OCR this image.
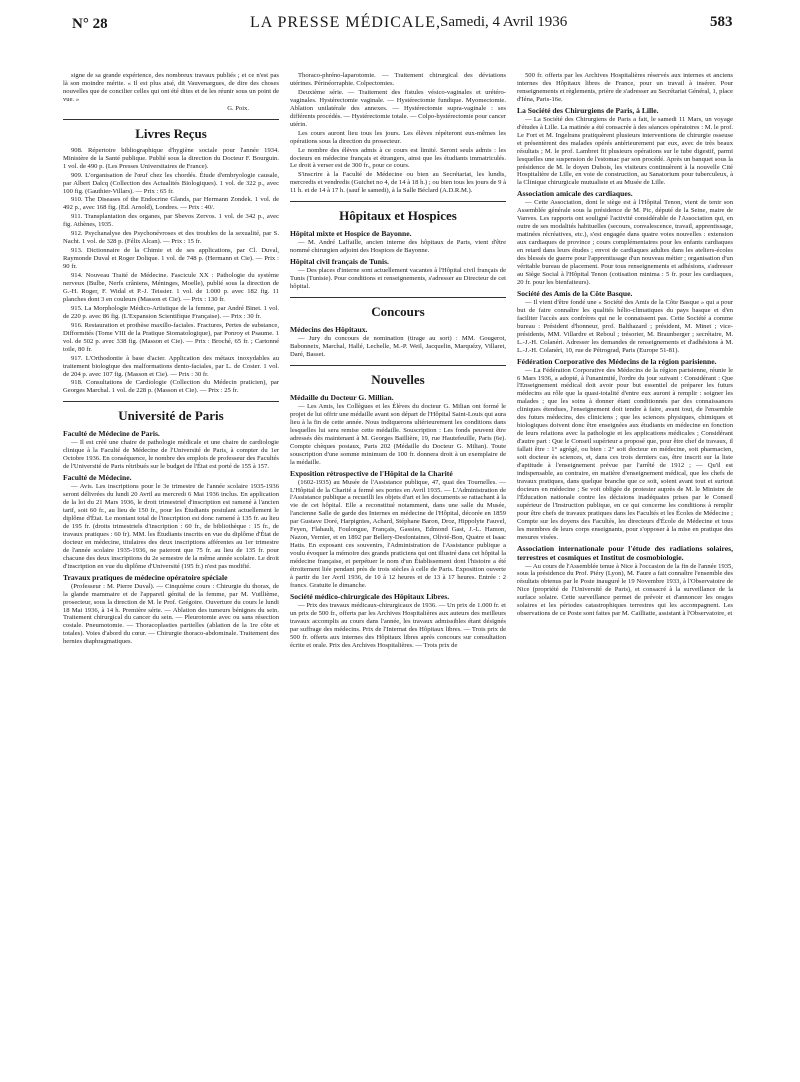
N° 28	LA PRESSE MÉDICALE,
Samedi, 4 Avril 1936	583

signe de sa grande expérience, des nombreux travaux publiés ; et ce n'est pas là son moindre mérite. « Il est plus aisé, dit Vauvenargues, de dire des choses nouvelles que de concilier celles qui ont été dites et de les réunir sous un point de vue. »

G. Poix.

Livres Reçus

908. Répertoire bibliographique d'hygiène sociale pour l'année 1934. Ministère de la Santé publique. Publié sous la direction du Docteur F. Bourguin. 1 vol. de 490 p. (Les Presses Universitaires de France).

909. L'organisation de l'œuf chez les chordés. Étude d'embryologie causale, par Albert Dalcq (Collection des Actualités Biologiques). 1 vol. de 322 p., avec 100 fig. (Gauthier-Villars). — Prix : 65 fr.

910. The Diseases of the Endocrine Glands, par Hermann Zondek. 1 vol. de 492 p., avec 168 fig. (Ed. Arnold), Londres. — Prix : 40/.

911. Transplantation des organes, par Sbevos Zervos. 1 vol. de 342 p., avec fig. Athènes, 1935.

912. Psychanalyse des Psychonévroses et des troubles de la sexualité, par S. Nacht. 1 vol. de 328 p. (Félix Alcan). — Prix : 15 fr.

913. Dictionnaire de la Chimie et de ses applications, par Cl. Duval, Raymonde Duval et Roger Dolique. 1 vol. de 748 p. (Hermann et Cie). — Prix : 90 fr.

914. Nouveau Traité de Médecine. Fascicule XX : Pathologie du système nerveux (Bulbe, Nerfs crâniens, Méninges, Moelle), publié sous la direction de G.-H. Roger, F. Widal et P.-J. Teissier. 1 vol. de 1.000 p. avec 182 fig. 11 planches dont 3 en couleurs (Masson et Cie). — Prix : 130 fr.

915. La Morphologie Médico-Artistique de la femme, par André Binet. 1 vol. de 220 p. avec 86 fig. (L'Expansion Scientifique Française). — Prix : 30 fr.

916. Restauration et prothèse maxillo-faciales. Fractures, Pertes de substance, Difformités (Tome VIII de la Pratique Stomatologique), par Ponroy et Psaume. 1 vol. de 502 p. avec 338 fig. (Masson et Cie). — Prix : Broché, 65 fr. ; Cartonné toile, 80 fr.

917. L'Orthodontie à base d'acier. Application des métaux inoxydables au traitement biologique des malformations dento-faciales, par L. de Coster. 1 vol. de 204 p. avec 107 fig. (Masson et Cie). — Prix : 30 fr.

918. Consultations de Cardiologie (Collection du Médecin praticien), par Georges Marchal. 1 vol. de 228 p. (Masson et Cie). — Prix : 25 fr.

Université de Paris

Faculté de Médecine de Paris.

— Il est créé une chaire de pathologie médicale et une chaire de cardiologie clinique à la Faculté de Médecine de l'Université de Paris, à compter du 1er Octobre 1936. En conséquence, le nombre des emplois de professeur des Facultés de l'Université de Paris rétribués sur le budget de l'État est porté de 155 à 157.

Faculté de Médecine.

— Avis. Les inscriptions pour le 3e trimestre de l'année scolaire 1935-1936 seront délivrées du lundi 20 Avril au mercredi 6 Mai 1936 inclus. En application de la loi du 21 Mars 1936, le droit trimestriel d'inscription est ramené à l'ancien tarif, soit 60 fr., au lieu de 150 fr., pour les Étudiants postulant actuellement le diplôme d'État. Le montant total de l'inscription est donc ramené à 135 fr. au lieu de 195 fr. (droits trimestriels d'inscription : 60 fr., de bibliothèque : 15 fr., de travaux pratiques : 60 fr). MM. les Étudiants inscrits en vue du diplôme d'État de docteur en médecine, titulaires des deux inscriptions afférentes au 1er trimestre de l'année scolaire 1935-1936, ne paieront que 75 fr. au lieu de 135 fr. pour chacune des deux inscriptions du 2e semestre de la même année scolaire. Le droit d'inscription en vue du diplôme d'Université (195 fr.) n'est pas modifié.

Travaux pratiques de médecine opératoire spéciale

(Professeur : M. Pierre Duval). — Cinquième cours : Chirurgie du thorax, de la glande mammaire et de l'appareil génital de la femme, par M. Vuillième, prosecteur, sous la direction de M. le Prof. Grégoire. Ouverture du cours le lundi 18 Mai 1936, à 14 h. Première série. — Ablation des tumeurs bénignes du sein. Traitement chirurgical du cancer du sein. — Pleurotomie avec ou sans résection costale. Pneumotomie. — Thoracoplasties partielles (ablation de la 1re côte et totales). Voies d'abord du cœur. — Chirurgie thoraco-abdominale. Traitement des hernies diaphragmatiques.

Thoraco-phréno-laparotomie. — Traitement chirurgical des déviations utérines. Périnéorraphie. Colpectomies.

Deuxième série. — Traitement des fistules vésico-vaginales et urétéro-vaginales. Hystérectomie vaginale. — Hystérectomie fundique. Myomectomie. Ablation unilatérale des annexes. — Hystérectomie supra-vaginale : ses différents procédés. — Hystérectomie totale. — Colpo-hystérectomie pour cancer utérin.

Les cours auront lieu tous les jours. Les élèves répéteront eux-mêmes les opérations sous la direction du prosecteur.

Le nombre des élèves admis à ce cours est limité. Seront seuls admis : les docteurs en médecine français et étrangers, ainsi que les étudiants immatriculés. Le droit à verser est de 300 fr., pour ce cours.

S'inscrire à la Faculté de Médecine ou bien au Secrétariat, les lundis, mercredis et vendredis (Guichet no 4, de 14 à 18 h.) ; ou bien tous les jours de 9 à 11 h. et de 14 à 17 h. (sauf le samedi), à la Salle Béclard (A.D.R.M.).

Hôpitaux et Hospices

Hôpital mixte et Hospice de Bayonne.

— M. André Laffaille, ancien interne des hôpitaux de Paris, vient d'être nommé chirurgien adjoint des Hospices de Bayonne.

Hôpital civil français de Tunis.

— Des places d'interne sont actuellement vacantes à l'Hôpital civil français de Tunis (Tunisie). Pour conditions et renseignements, s'adresser au Directeur de cet hôpital.

Concours

Médecins des Hôpitaux.

— Jury du concours de nomination (tirage au sort) : MM. Gougerot, Babonneix, Marchal, Hallé, Lechelle, M.-P. Weil, Jacquelin, Marquézy, Villaret, Daré, Basset.

Nouvelles

Médaille du Docteur G. Millian.

— Les Amis, les Collègues et les Élèves du docteur G. Milian ont formé le projet de lui offrir une médaille avant son départ de l'Hôpital Saint-Louis qui aura lieu à la fin de cette année. Nous indiquerons ultérieurement les conditions dans lesquelles lui sera remise cette médaille. Souscription : Les fonds peuvent être adressés dès maintenant à M. Georges Baillière, 19, rue Hautefeuille, Paris (6e). Compte chèques postaux, Paris 202 (Médaille du Docteur G. Milian). Toute souscription d'une somme minimum de 100 fr. donnera droit à un exemplaire de la médaille.

Exposition rétrospective de l'Hôpital de la Charité

(1602-1935) au Musée de l'Assistance publique, 47, quai des Tournelles. — L'Hôpital de la Charité a fermé ses portes en Avril 1935. — L'Administration de l'Assistance publique a recueilli les objets d'art et les documents se rattachant à la vie de cet hôpital. Elle a reconstitué notamment, dans une salle du Musée, l'ancienne Salle de garde des Internes en médecine de l'Hôpital, décorée en 1859 par Gustave Doré, Harpignies, Achard, Stéphane Baron, Droz, Hippolyte Fauvel, Feyen, Flahault, Foulongue, Français, Gassies, Edmond Gast, J.-L. Hamon, Nazon, Vernier, et en 1892 par Bellery-Desfontaines, Olivié-Bon, Quatre et Isaac Hatis. En exposant ces souvenirs, l'Administration de l'Assistance publique a voulu évoquer la mémoire des grands praticiens qui ont illustré dans cet hôpital la médecine française, et perpétuer le nom d'un Établissement dont l'histoire a été étroitement liée pendant près de trois siècles à celle de Paris. Exposition ouverte à partir du 1er Avril 1936, de 10 à 12 heures et de 13 à 17 heures. Entrée : 2 francs. Gratuite le dimanche.

Société médico-chirurgicale des Hôpitaux Libres.

— Prix des travaux médicaux-chirurgicaux de 1936. — Un prix de 1.000 fr. et un prix de 500 fr., offerts par les Archives Hospitalières aux auteurs des meilleurs travaux accomplis au cours dans l'année, les travaux admissibles étant désignés par suffrage des médecins. Prix de l'Internat des Hôpitaux libres. — Trois prix de 500 fr. offerts aux internes des Hôpitaux libres après concours sur consultation écrite et orale. Prix des Archives Hospitalières. — Trois prix de

500 fr. offerts par les Archives Hospitalières réservés aux internes et anciens internes des Hôpitaux libres de France, pour un travail à insérer. Pour renseignements et règlements, prière de s'adresser au Secrétariat Général, 1, place d'Iéna, Paris-16e.

La Société des Chirurgiens de Paris, à Lille.

— La Société des Chirurgiens de Paris a fait, le samedi 11 Mars, un voyage d'études à Lille. La matinée a été consacrée à des séances opératoires : M. le prof. Le Fort et M. Ingelrans pratiquèrent plusieurs interventions de chirurgie osseuse et présentèrent des malades opérés antérieurement par eux, avec de très beaux résultats ; M. le prof. Lambret fit plusieurs opérations sur le tube digestif, parmi lesquelles une suspension de l'estomac par son procédé. Après un banquet sous la présidence de M. le doyen Dubois, les visiteurs continuèrent à la nouvelle Cité Hospitalière de Lille, en voie de construction, au Sanatorium pour tuberculeux, à la Clinique chirurgicale mutualiste et au Musée de Lille.

Association amicale des cardiaques.

— Cette Association, dont le siège est à l'Hôpital Tenon, vient de tenir son Assemblée générale sous la présidence de M. Pic, député de la Seine, maire de Vanves. Les rapports ont souligné l'activité considérable de l'Association qui, en outre de ses modalités habituelles (secours, convalescence, travail, apprentissage, matinées récréatives, etc.), s'est engagée dans quatre voies nouvelles : extension aux cardiaques de province ; cours complémentaires pour les enfants cardiaques en retard dans leurs études ; envoi de cardiaques adultes dans les ateliers-écoles des blessés de guerre pour l'apprentissage d'un nouveau métier ; organisation d'un véritable bureau de placement. Pour tous renseignements et adhésions, s'adresser au Siège Social à l'Hôpital Tenon (cotisation minima : 5 fr. pour les cardiaques, 20 fr. pour les bienfaiteurs).

Société des Amis de la Côte Basque.

— Il vient d'être fondé une « Société des Amis de la Côte Basque » qui a pour but de faire connaître les qualités hélio-climatiques du pays basque et d'en faciliter l'accès aux confrères qui ne le connaissent pas. Cette Société a comme bureau : Président d'honneur, prof. Balthazard ; président, M. Minet ; vice-présidents, MM. Villardre et Reboul ; trésorier, M. Braunberger ; secrétaire, M. L.-J.-H. Colanéri. Adresser les demandes de renseignements et d'adhésions à M. L.-J.-H. Colanéri, 10, rue de Pétrograd, Paris (Europe 51-81).

Fédération Corporative des Médecins de la région parisienne.

— La Fédération Corporative des Médecins de la région parisienne, réunie le 6 Mars 1936, a adopté, à l'unanimité, l'ordre du jour suivant : Considérant : Que l'Enseignement médical doit avoir pour but essentiel de préparer les futurs médecins au rôle que la quasi-totalité d'entre eux auront à remplir : soigner les malades ; que les soins à donner étant conditionnés par des connaissances cliniques étendues, l'enseignement doit tendre à faire, avant tout, de l'ensemble des futurs médecins, des cliniciens ; que les sciences physiques, chimiques et biologiques doivent donc être enseignées aux étudiants en médecine en fonction de leurs relations avec la pathologie et les applications médicales ; Considérant d'autre part : Que le Conseil supérieur a proposé que, pour être chef de travaux, il fallait être : 1° agrégé, ou bien : 2° soit docteur en médecine, soit pharmacien, soit docteur ès sciences, et, dans ces trois derniers cas, être inscrit sur la liste d'aptitude à l'enseignement prévue par l'arrêté de 1912 ; — Qu'il est indispensable, au contraire, en matière d'enseignement médical, que les chefs de travaux pratiques, dans quelque branche que ce soit, soient avant tout et surtout docteurs en médecine ; Se voit obligée de protester auprès de M. le Ministre de l'Éducation nationale contre les décisions inadéquates prises par le Conseil supérieur de l'Instruction publique, en ce qui concerne les conditions à remplir pour être chefs de travaux pratiques dans les Facultés et les Écoles de Médecine ; Compte sur les doyens des Facultés, les directeurs d'École de Médecine et tous les membres de leurs corps enseignants, pour s'opposer à la mise en pratique des mesures visées.

Association internationale pour l'étude des radiations solaires, terrestres et cosmiques et Institut de cosmobiologie.

— Au cours de l'Assemblée tenue à Nice à l'occasion de la fin de l'année 1935, sous la présidence du Prof. Piéry (Lyon), M. Faure a fait connaître l'ensemble des résultats obtenus par le Poste inauguré le 19 Novembre 1933, à l'Observatoire de Nice (propriété de l'Université de Paris), et consacré à la surveillance de la surface solaire. Cette surveillance permet de prévoir et d'annoncer les orages solaires et les périodes catastrophiques terrestres qui les accompagnent. Les observations de ce Poste sont faites par M. Cailliatte, assistant à l'Observatoire, et
